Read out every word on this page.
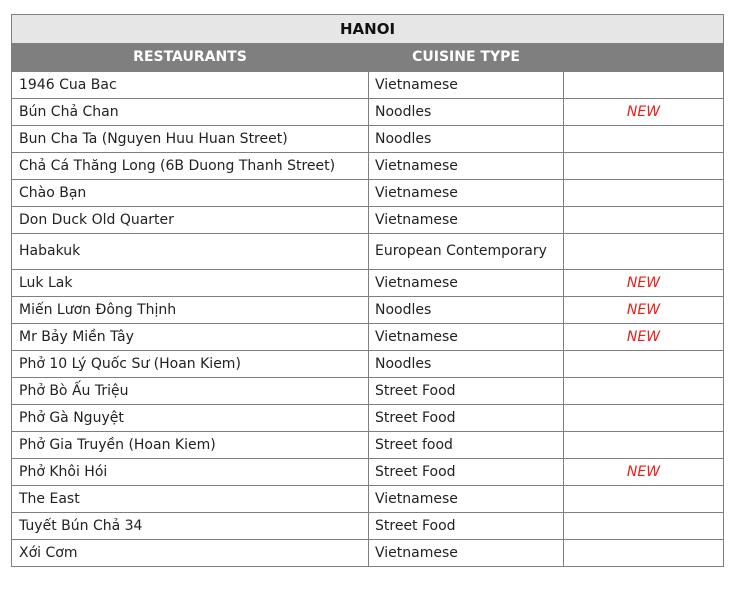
HANOI		
RESTAURANTS	CUISINE TYPE	
1946 Cua Bac	Vietnamese	
Bún Chả Chan	Noodles	NEW
Bun Cha Ta (Nguyen Huu Huan Street)	Noodles	
Chả Cá Thăng Long (6B Duong Thanh Street)	Vietnamese	
Chào Bạn	Vietnamese	
Don Duck Old Quarter	Vietnamese	
Habakuk	European Contemporary	
Luk Lak	Vietnamese	NEW
Miến Lươn Đông Thịnh	Noodles	NEW
Mr Bảy Miền Tây	Vietnamese	NEW
Phở 10 Lý Quốc Sư (Hoan Kiem)	Noodles	
Phở Bò Ấu Triệu	Street Food	
Phở Gà Nguyệt	Street Food	
Phở Gia Truyền (Hoan Kiem)	Street food	
Phở Khôi Hói	Street Food	NEW
The East	Vietnamese	
Tuyết Bún Chả 34	Street Food	
Xới Cơm	Vietnamese	
